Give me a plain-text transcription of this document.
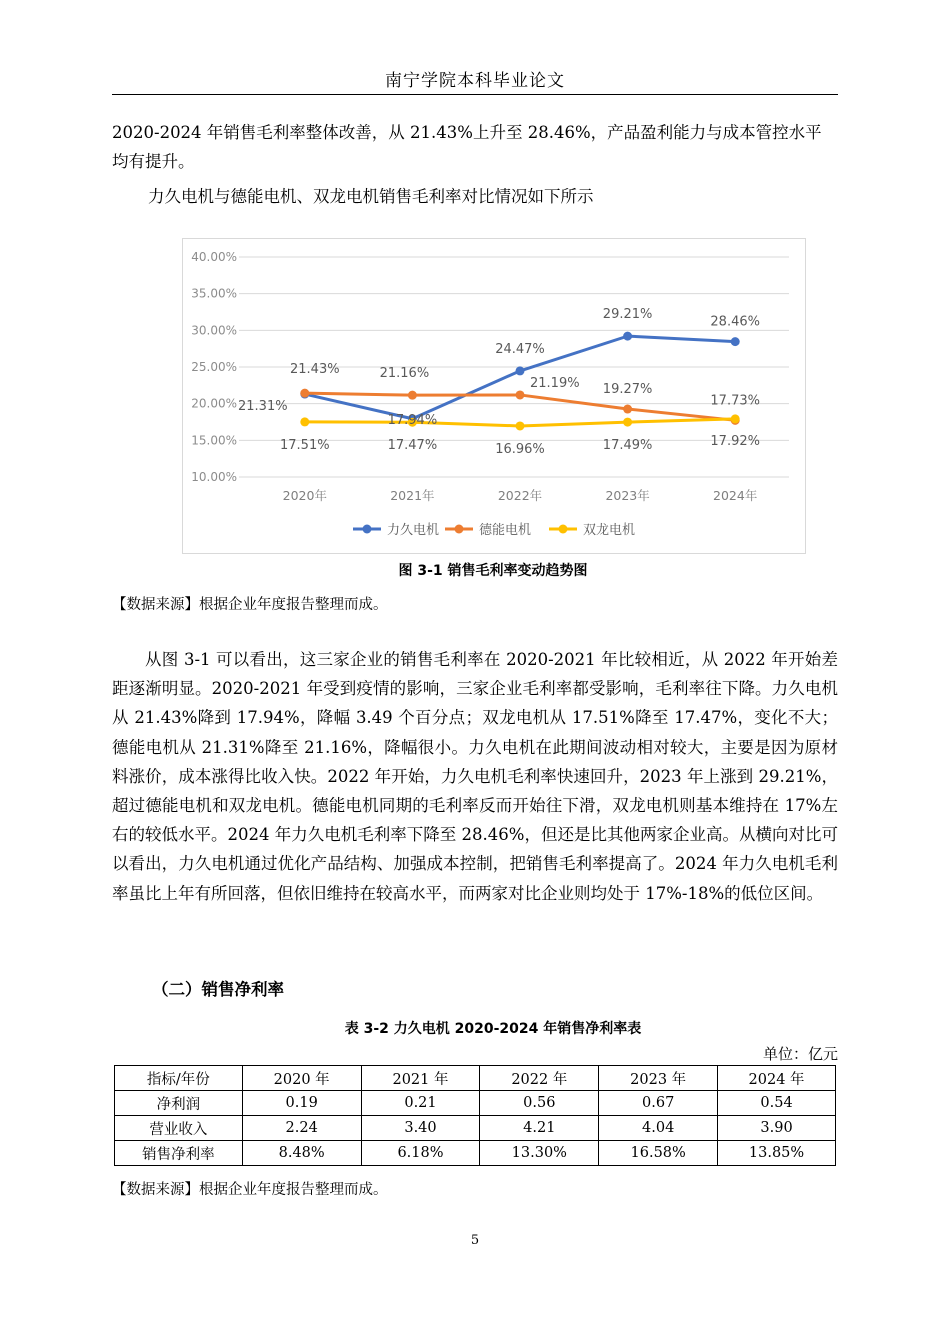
南宁学院本科毕业论文
2020-2024 年销售毛利率整体改善，从 21.43%上升至 28.46%，产品盈利能力与成本管控水平均有提升。
力久电机与德能电机、双龙电机销售毛利率对比情况如下所示
10.00%
15.00%
20.00%
25.00%
30.00%
35.00%
40.00%
2020年	2021年	2022年	2023年	2024年
21.31%
17.94%
24.47%
29.21%	28.46%
21.43%	21.16%
21.19% 19.27%
17.73%
17.51%	17.47%	16.96%	17.49%	17.92%
力久电机	德能电机	双龙电机
图 3-1 销售毛利率变动趋势图
【数据来源】根据企业年度报告整理而成。
从图 3-1 可以看出，这三家企业的销售毛利率在 2020-2021 年比较相近，从 2022 年开始差距逐渐明显。2020-2021 年受到疫情的影响，三家企业毛利率都受影响，毛利率往下降。力久电机从 21.43%降到 17.94%，降幅 3.49 个百分点；双龙电机从 17.51%降至 17.47%，变化不大；德能电机从 21.31%降至 21.16%，降幅很小。力久电机在此期间波动相对较大，主要是因为原材料涨价，成本涨得比收入快。2022 年开始，力久电机毛利率快速回升，2023 年上涨到 29.21%，超过德能电机和双龙电机。德能电机同期的毛利率反而开始往下滑，双龙电机则基本维持在 17%左右的较低水平。2024 年力久电机毛利率下降至 28.46%，但还是比其他两家企业高。从横向对比可以看出，力久电机通过优化产品结构、加强成本控制，把销售毛利率提高了。2024 年力久电机毛利率虽比上年有所回落，但依旧维持在较高水平，而两家对比企业则均处于 17%-18%的低位区间。
（二）销售净利率
表 3-2 力久电机 2020-2024 年销售净利率表
单位：亿元
指标/年份	2020 年	2021 年	2022 年	2023 年	2024 年
净利润	0.19	0.21	0.56	0.67	0.54
营业收入	2.24	3.40	4.21	4.04	3.90
销售净利率	8.48%	6.18%	13.30%	16.58%	13.85%
【数据来源】根据企业年度报告整理而成。
5
